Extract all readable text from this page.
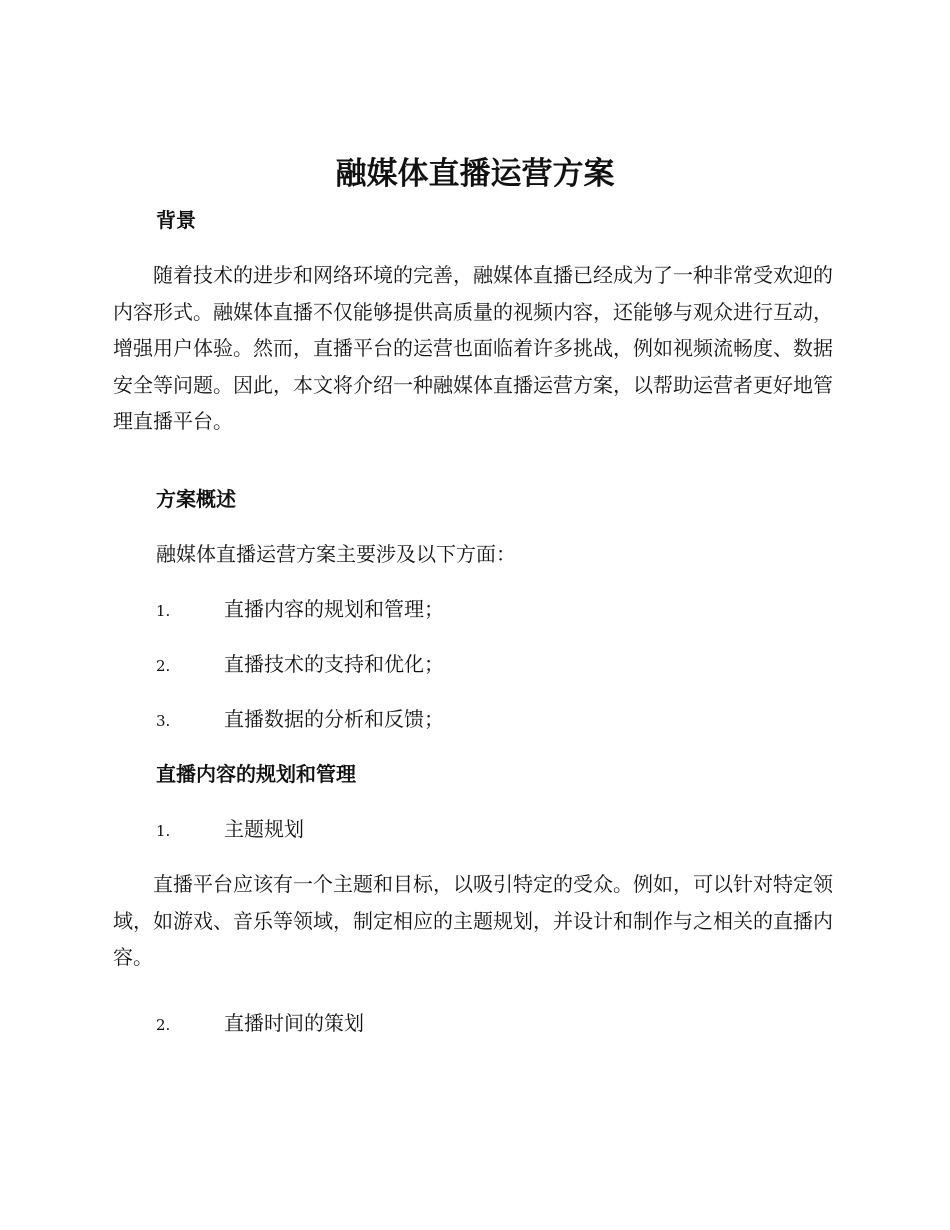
融媒体直播运营方案
背景

随着技术的进步和网络环境的完善，融媒体直播已经成为了一种非常受欢迎的内容形式。融媒体直播不仅能够提供高质量的视频内容，还能够与观众进行互动，增强用户体验。然而，直播平台的运营也面临着许多挑战，例如视频流畅度、数据安全等问题。因此，本文将介绍一种融媒体直播运营方案，以帮助运营者更好地管理直播平台。

方案概述

融媒体直播运营方案主要涉及以下方面：

1.	直播内容的规划和管理；
2.	直播技术的支持和优化；
3.	直播数据的分析和反馈；
直播内容的规划和管理
1.	主题规划

直播平台应该有一个主题和目标，以吸引特定的受众。例如，可以针对特定领域，如游戏、音乐等领域，制定相应的主题规划，并设计和制作与之相关的直播内容。

2.	直播时间的策划
